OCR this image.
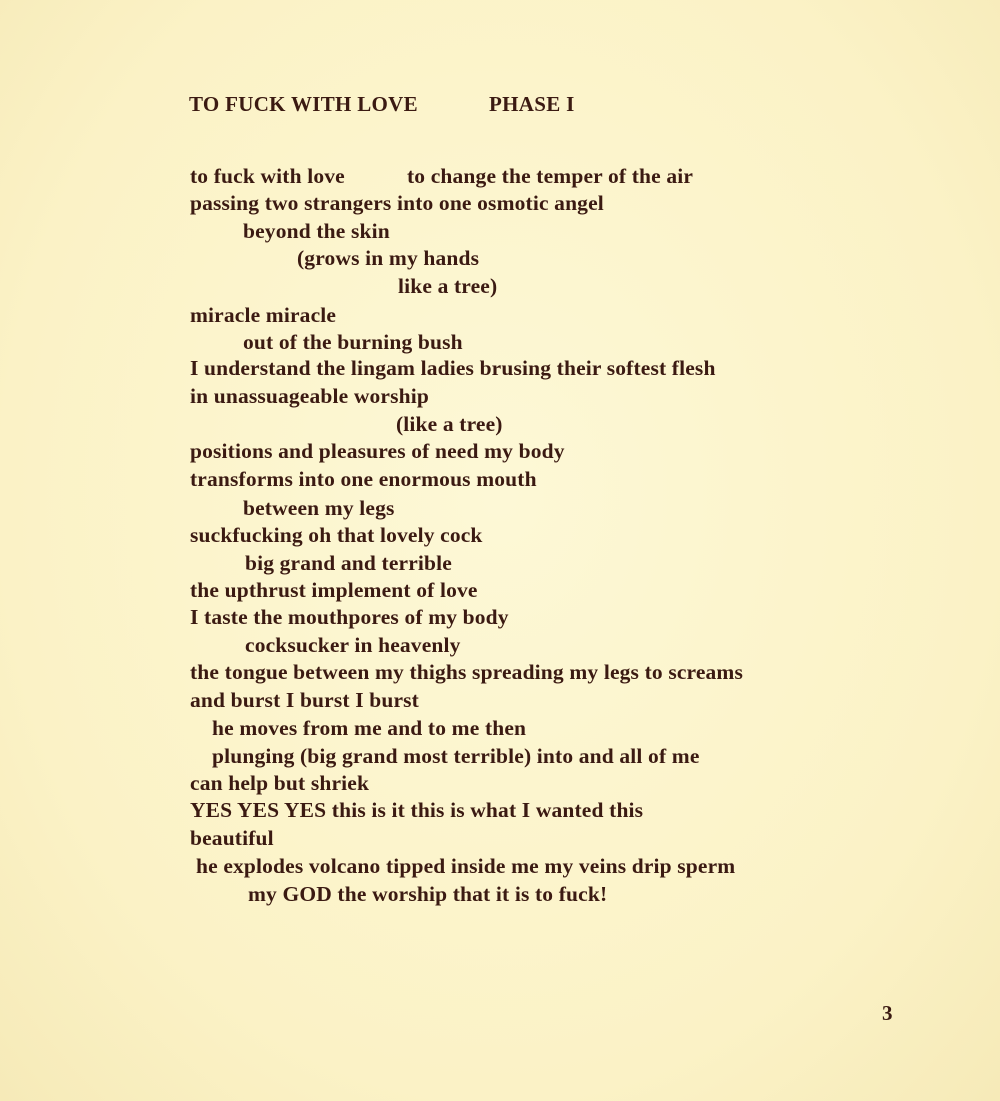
TO FUCK WITH LOVE	PHASE I
to fuck with love	to change the temper of the air
passing two strangers into one osmotic angel
beyond the skin
(grows in my hands
like a tree)
miracle miracle
out of the burning bush
I understand the lingam ladies brusing their softest flesh
in unassuageable worship
(like a tree)
positions and pleasures of need my body
transforms into one enormous mouth
between my legs
suckfucking oh that lovely cock
big grand and terrible
the upthrust implement of love
I taste the mouthpores of my body
cocksucker in heavenly
the tongue between my thighs spreading my legs to screams
and burst I burst I burst
he moves from me and to me then
plunging (big grand most terrible) into and all of me
can help but shriek
YES YES YES this is it this is what I wanted this
beautiful
he explodes volcano tipped inside me my veins drip sperm
my GOD the worship that it is to fuck!
3
